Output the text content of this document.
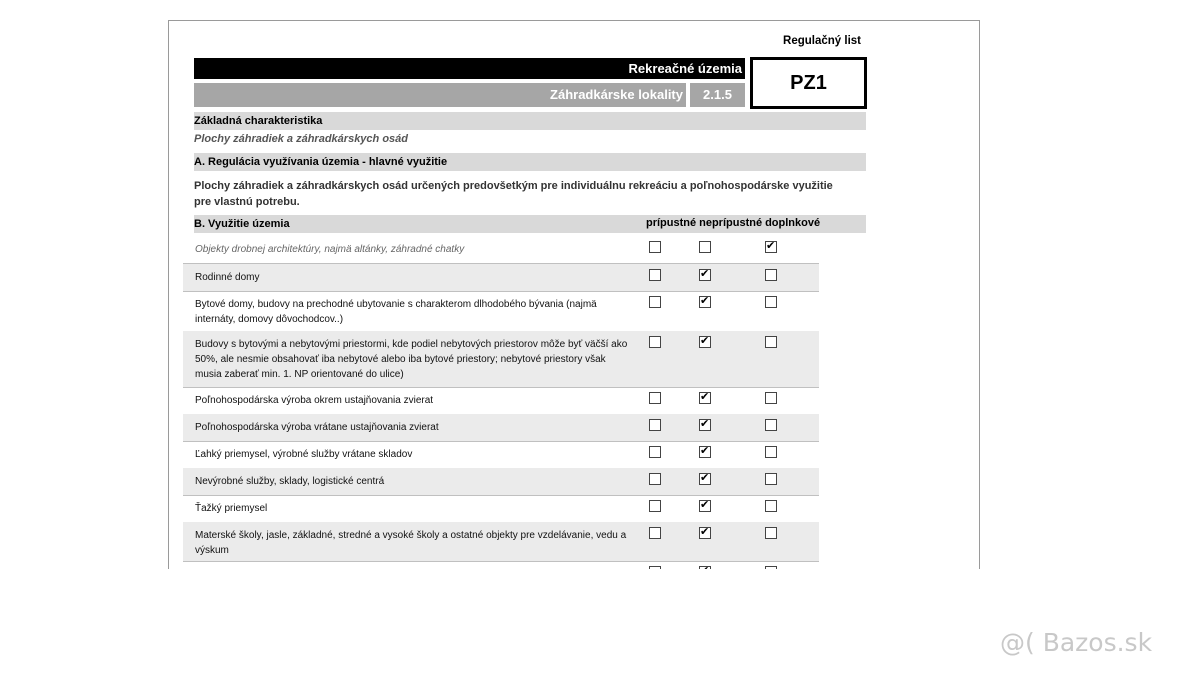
Regulačný list
Rekreačné územia
Záhradkárske lokality	2.1.5
PZ1
Základná charakteristika
Plochy záhradiek a záhradkárskych osád
A. Regulácia využívania územia - hlavné využitie
Plochy záhradiek a záhradkárskych osád určených predovšetkým pre individuálnu rekreáciu a poľnohospodárske využitie pre vlastnú potrebu.
B. Využitie územia	prípustné neprípustné doplnkové
Objekty drobnej architektúry, najmä altánky, záhradné chatky
✔
Rodinné domy
✔
Bytové domy, budovy na prechodné ubytovanie s charakterom dlhodobého bývania (najmä internáty, domovy dôvochodcov..)
✔
Budovy s bytovými a nebytovými priestormi, kde podiel nebytových priestorov môže byť väčší ako 50%, ale nesmie obsahovať iba nebytové alebo iba bytové priestory; nebytové priestory však musia zaberať min. 1. NP orientované do ulice)
✔
Poľnohospodárska výroba okrem ustajňovania zvierat
✔
Poľnohospodárska výroba vrátane ustajňovania zvierat
✔
Ľahký priemysel, výrobné služby vrátane skladov
✔
Nevýrobné služby, sklady, logistické centrá
✔
Ťažký priemysel
✔
Materské školy, jasle, základné, stredné a vysoké školy a ostatné objekty pre vzdelávanie, vedu a výskum
✔
✔
@( Bazos.sk
